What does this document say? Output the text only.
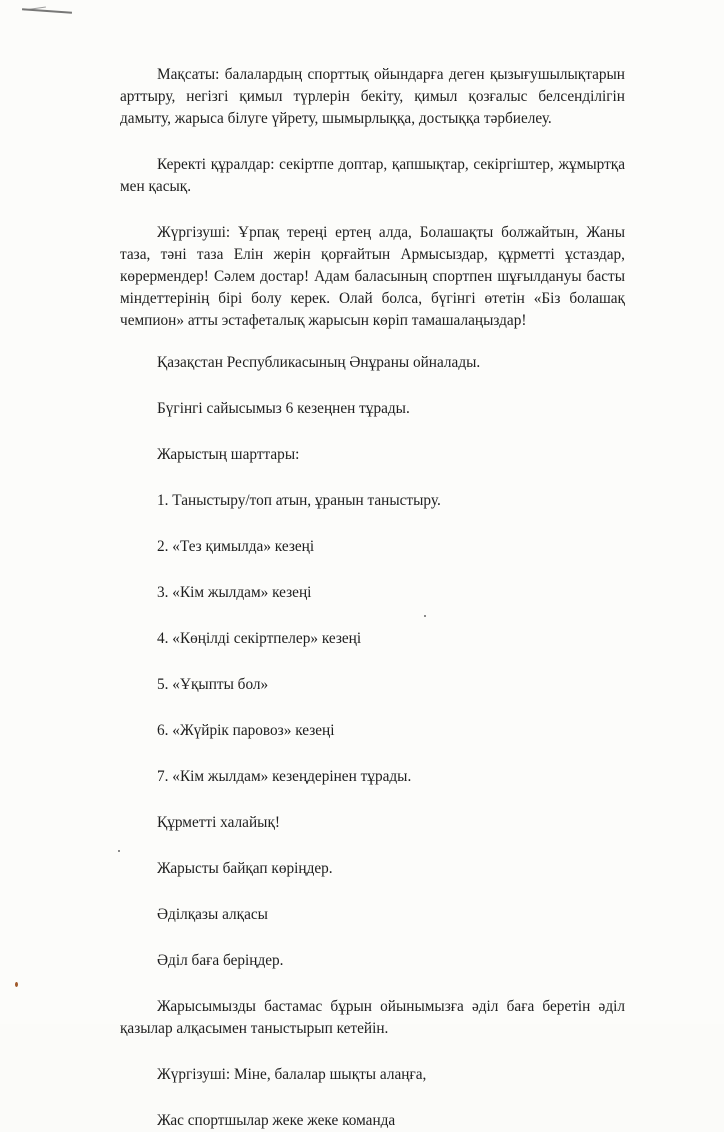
Мақсаты: балалардың спорттық ойындарға деген қызығушылықтарын арттыру, негізгі қимыл түрлерін бекіту, қимыл қозғалыс белсенділігін дамыту, жарыса білуге үйрету, шымырлыққа, достыққа тәрбиелеу.

Керекті құралдар: секіртпе доптар, қапшықтар, секіргіштер, жұмыртқа мен қасық.

Жүргізуші: Ұрпақ тереңі ертең алда, Болашақты болжайтын, Жаны таза, тәні таза Елін жерін қорғайтын Армысыздар, құрметті ұстаздар, көрермендер! Сәлем достар! Адам баласының спортпен шұғылдануы басты міндеттерінің бірі болу керек. Олай болса, бүгінгі өтетін «Біз болашақ чемпион» атты эстафеталық жарысын көріп тамашалаңыздар!

Қазақстан Республикасының Әнұраны ойналады.

Бүгінгі сайысымыз 6 кезеңнен тұрады.

Жарыстың шарттары:

1. Таныстыру/топ атын, ұранын таныстыру.

2. «Тез қимылда» кезеңі

3. «Кім жылдам» кезеңі

4. «Көңілді секіртпелер» кезеңі

5. «Ұқыпты бол»

6. «Жүйрік паровоз» кезеңі

7. «Кім жылдам» кезеңдерінен тұрады.

Құрметті халайық!

Жарысты байқап көріңдер.

Әділқазы алқасы

Әділ баға беріңдер.

Жарысымызды бастамас бұрын ойынымызға әділ баға беретін әділ қазылар алқасымен таныстырып кетейін.

Жүргізуші: Міне, балалар шықты алаңға,

Жас спортшылар жеке жеке команда
